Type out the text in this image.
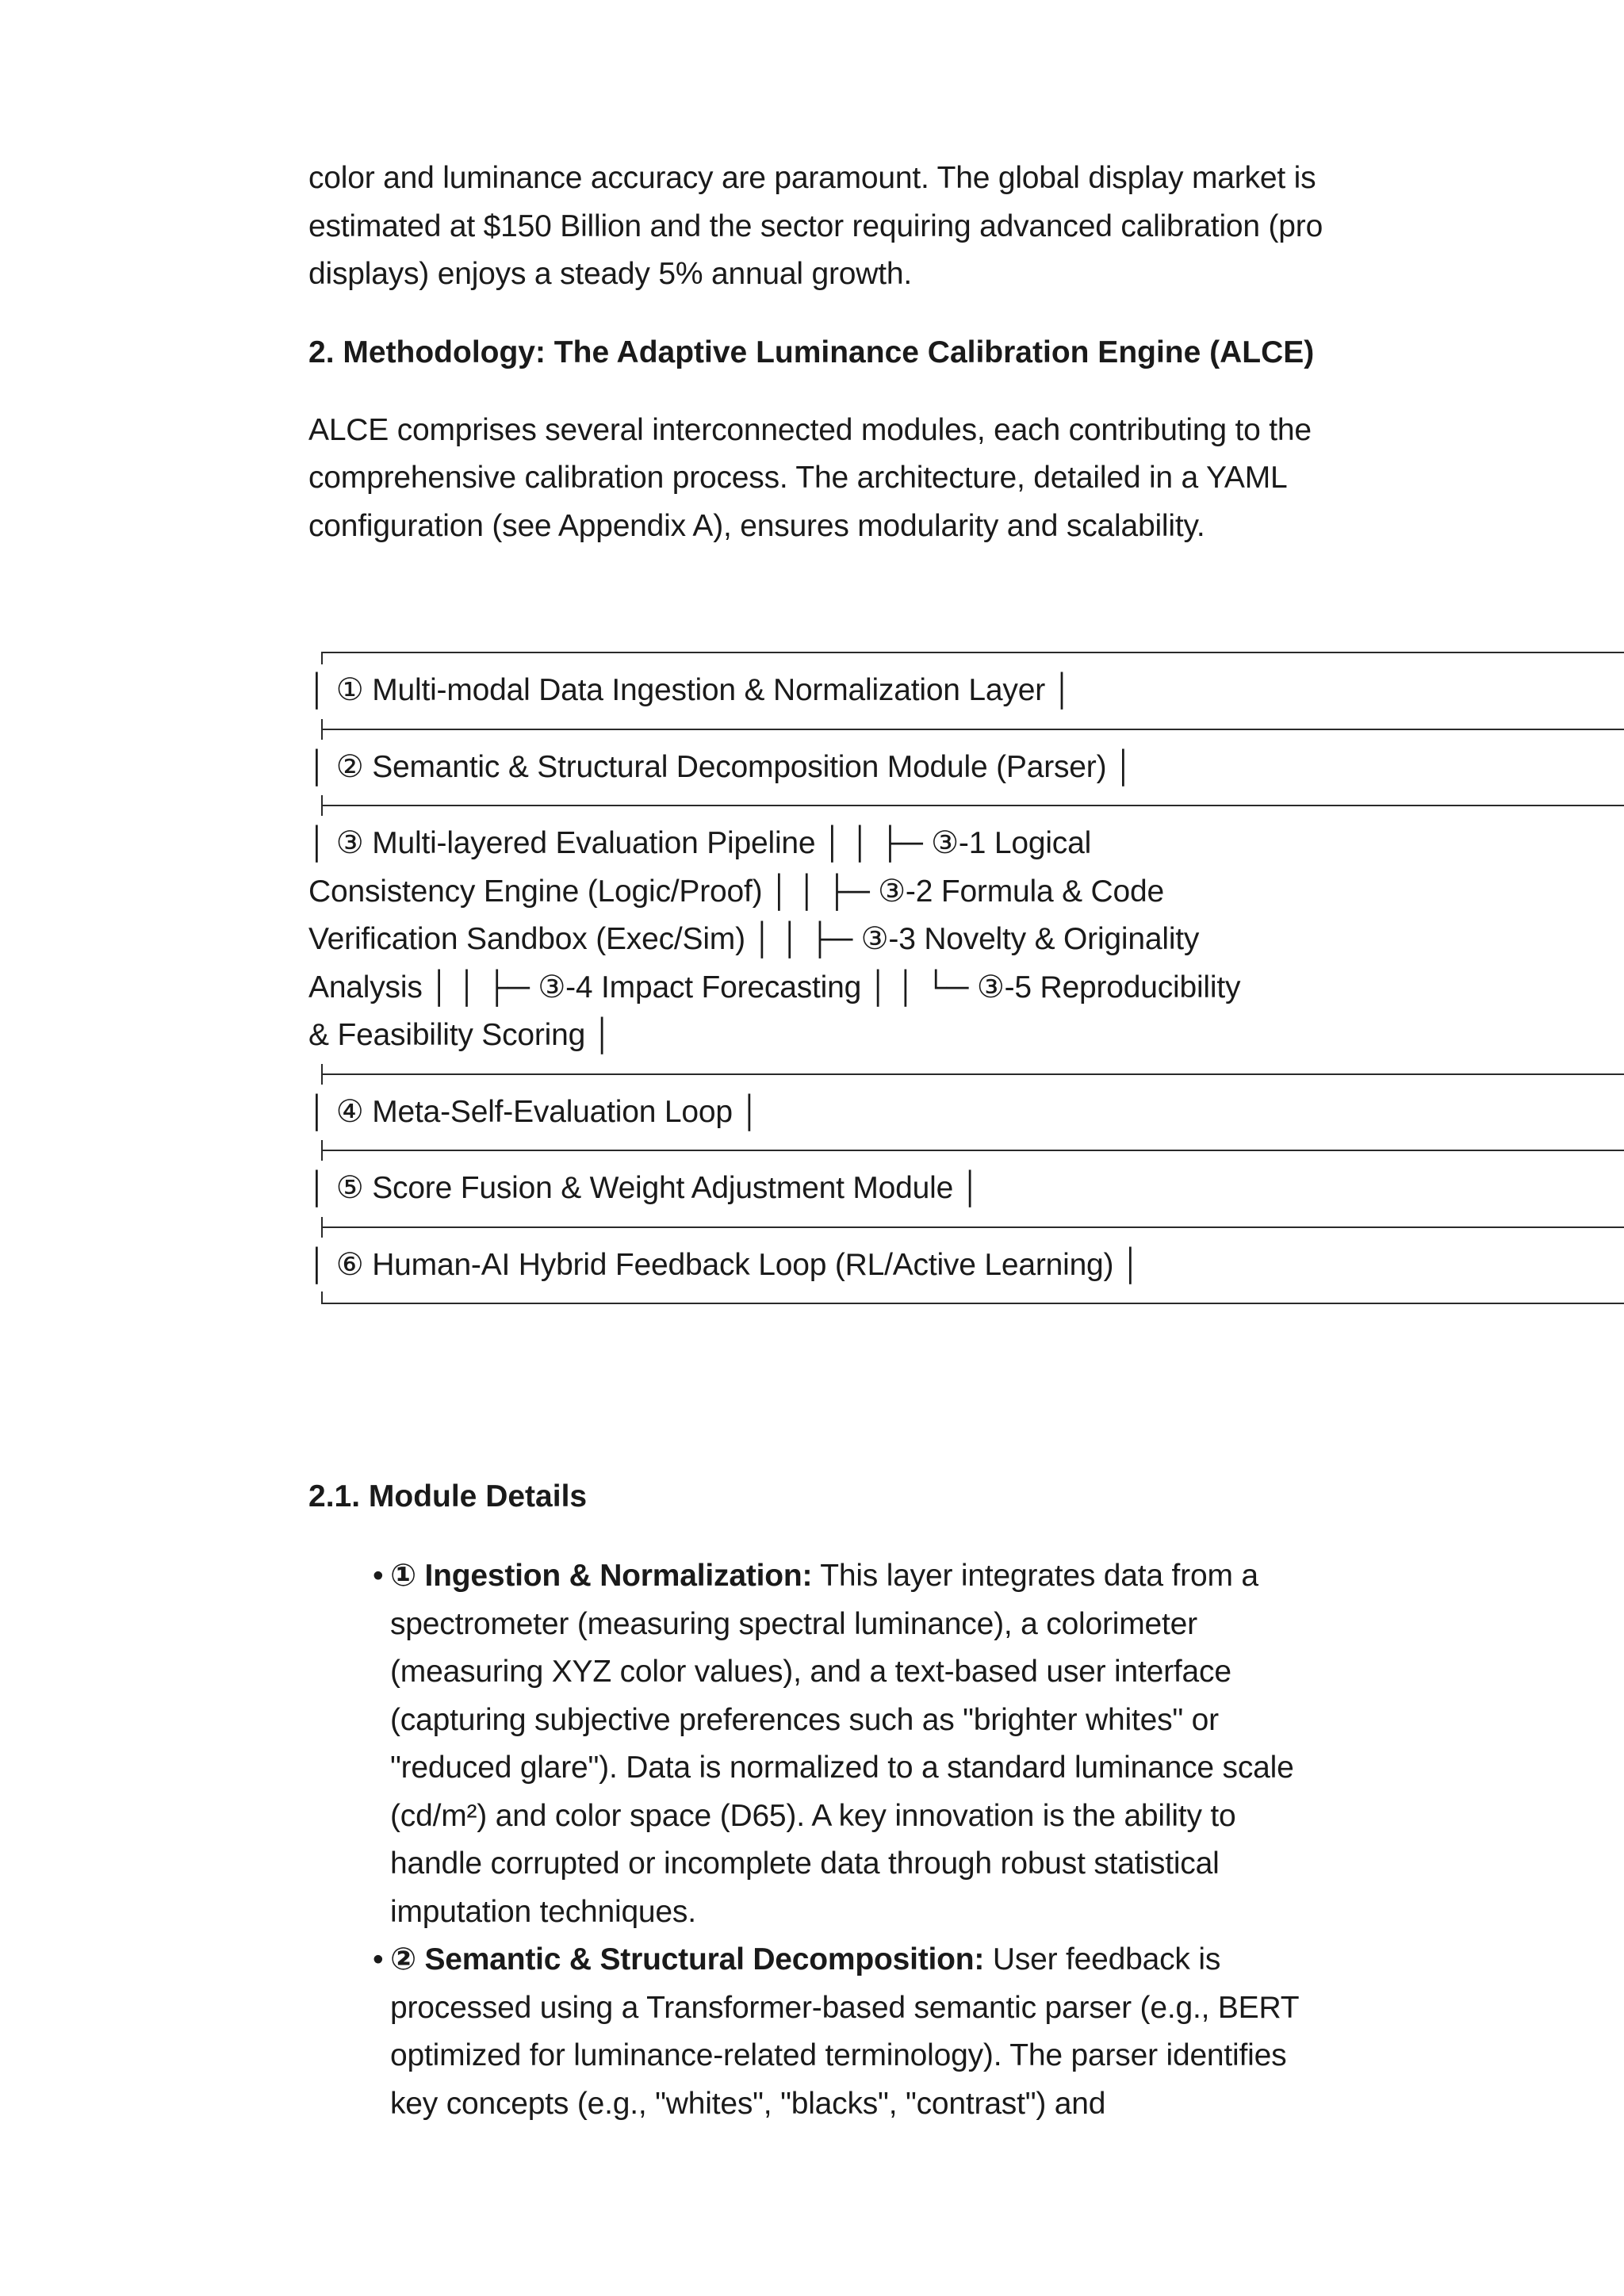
color and luminance accuracy are paramount. The global display market is estimated at $150 Billion and the sector requiring advanced calibration (pro displays) enjoys a steady 5% annual growth.

2. Methodology: The Adaptive Luminance Calibration Engine (ALCE)

ALCE comprises several interconnected modules, each contributing to the comprehensive calibration process. The architecture, detailed in a YAML configuration (see Appendix A), ensures modularity and scalability.

│ ① Multi-modal Data Ingestion & Normalization Layer │
│ ② Semantic & Structural Decomposition Module (Parser) │
│ ③ Multi-layered Evaluation Pipeline │ │ ├─ ③-1 Logical Consistency Engine (Logic/Proof) │ │ ├─ ③-2 Formula & Code Verification Sandbox (Exec/Sim) │ │ ├─ ③-3 Novelty & Originality Analysis │ │ ├─ ③-4 Impact Forecasting │ │ └─ ③-5 Reproducibility & Feasibility Scoring │
│ ④ Meta-Self-Evaluation Loop │
│ ⑤ Score Fusion & Weight Adjustment Module │
│ ⑥ Human-AI Hybrid Feedback Loop (RL/Active Learning) │
2.1. Module Details
• ① Ingestion & Normalization: This layer integrates data from a spectrometer (measuring spectral luminance), a colorimeter (measuring XYZ color values), and a text-based user interface (capturing subjective preferences such as "brighter whites" or "reduced glare"). Data is normalized to a standard luminance scale (cd/m²) and color space (D65). A key innovation is the ability to handle corrupted or incomplete data through robust statistical imputation techniques.
• ② Semantic & Structural Decomposition: User feedback is processed using a Transformer-based semantic parser (e.g., BERT optimized for luminance-related terminology). The parser identifies key concepts (e.g., "whites", "blacks", "contrast") and
